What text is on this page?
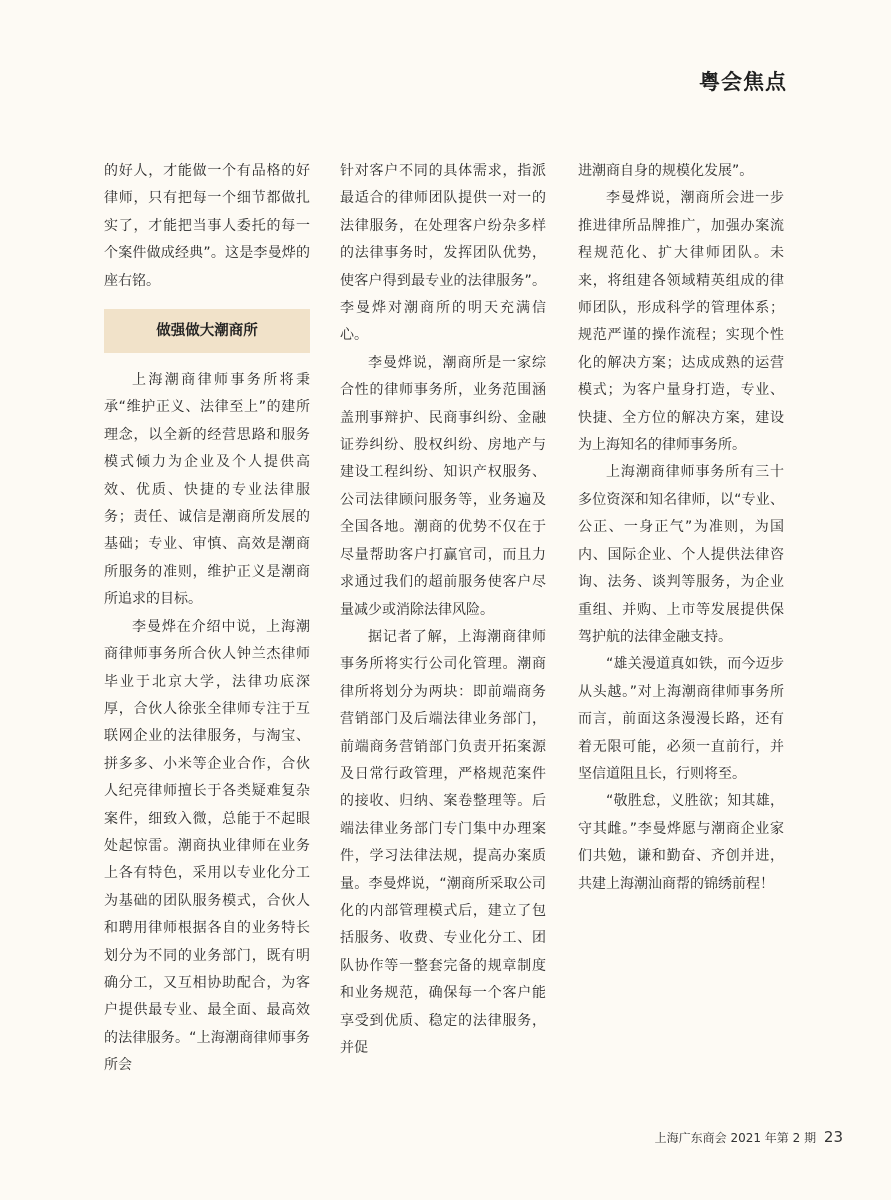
粤会焦点

的好人，才能做一个有品格的好律师，只有把每一个细节都做扎实了，才能把当事人委托的每一个案件做成经典”。这是李曼烨的座右铭。

做强做大潮商所

上海潮商律师事务所将秉承“维护正义、法律至上”的建所理念，以全新的经营思路和服务模式倾力为企业及个人提供高效、优质、快捷的专业法律服务；责任、诚信是潮商所发展的基础；专业、审慎、高效是潮商所服务的准则，维护正义是潮商所追求的目标。

李曼烨在介绍中说，上海潮商律师事务所合伙人钟兰杰律师毕业于北京大学，法律功底深厚，合伙人徐张全律师专注于互联网企业的法律服务，与淘宝、拼多多、小米等企业合作，合伙人纪亮律师擅长于各类疑难复杂案件，细致入微，总能于不起眼处起惊雷。潮商执业律师在业务上各有特色，采用以专业化分工为基础的团队服务模式，合伙人和聘用律师根据各自的业务特长划分为不同的业务部门，既有明确分工，又互相协助配合，为客户提供最专业、最全面、最高效的法律服务。“上海潮商律师事务所会

针对客户不同的具体需求，指派最适合的律师团队提供一对一的法律服务，在处理客户纷杂多样的法律事务时，发挥团队优势，使客户得到最专业的法律服务”。李曼烨对潮商所的明天充满信心。

李曼烨说，潮商所是一家综合性的律师事务所，业务范围涵盖刑事辩护、民商事纠纷、金融证券纠纷、股权纠纷、房地产与建设工程纠纷、知识产权服务、公司法律顾问服务等，业务遍及全国各地。潮商的优势不仅在于尽量帮助客户打赢官司，而且力求通过我们的超前服务使客户尽量减少或消除法律风险。

据记者了解，上海潮商律师事务所将实行公司化管理。潮商律所将划分为两块：即前端商务营销部门及后端法律业务部门，前端商务营销部门负责开拓案源及日常行政管理，严格规范案件的接收、归纳、案卷整理等。后端法律业务部门专门集中办理案件，学习法律法规，提高办案质量。李曼烨说，“潮商所采取公司化的内部管理模式后，建立了包括服务、收费、专业化分工、团队协作等一整套完备的规章制度和业务规范，确保每一个客户能享受到优质、稳定的法律服务，并促

进潮商自身的规模化发展”。

李曼烨说，潮商所会进一步推进律所品牌推广，加强办案流程规范化、扩大律师团队。未来，将组建各领域精英组成的律师团队，形成科学的管理体系；规范严谨的操作流程；实现个性化的解决方案；达成成熟的运营模式；为客户量身打造，专业、快捷、全方位的解决方案，建设为上海知名的律师事务所。

上海潮商律师事务所有三十多位资深和知名律师，以“专业、公正、一身正气”为准则，为国内、国际企业、个人提供法律咨询、法务、谈判等服务，为企业重组、并购、上市等发展提供保驾护航的法律金融支持。

“雄关漫道真如铁，而今迈步从头越。”对上海潮商律师事务所而言，前面这条漫漫长路，还有着无限可能，必须一直前行，并坚信道阻且长，行则将至。

“敬胜怠，义胜欲；知其雄，守其雌。”李曼烨愿与潮商企业家们共勉，谦和勤奋、齐创并进，共建上海潮汕商帮的锦绣前程！

上海广东商会 2021 年第 2 期 23
